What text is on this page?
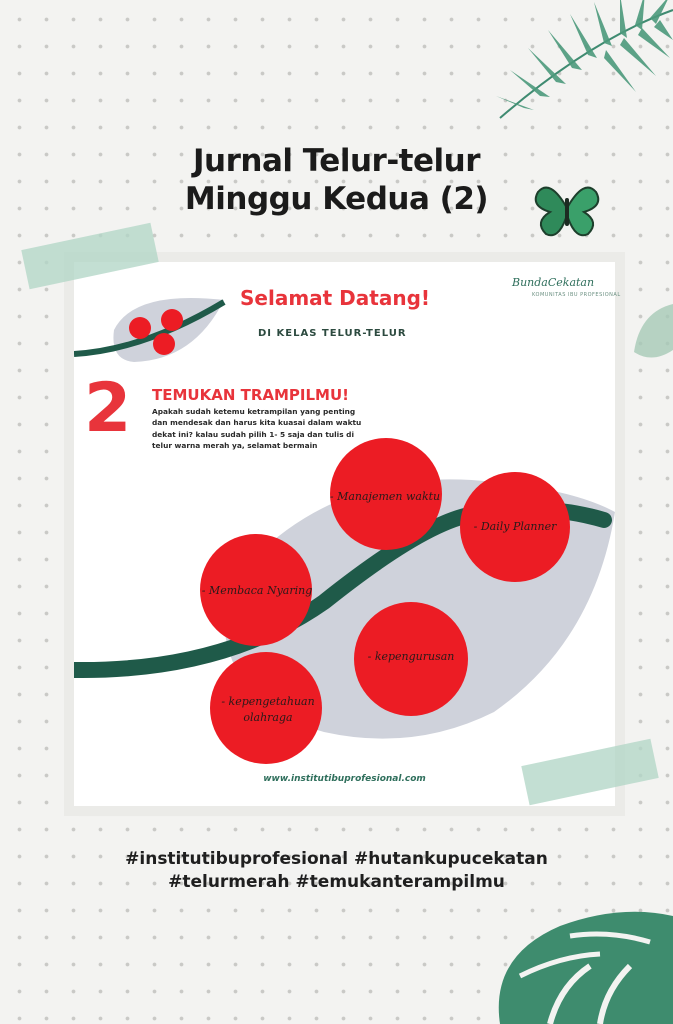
Jurnal Telur-telur
Minggu Kedua (2)
Selamat Datang!
DI KELAS TELUR-TELUR
BundaCekatan
KOMUNITAS IBU PROFESIONAL
2 TEMUKAN TRAMPILMU!
Apakah sudah ketemu ketrampilan yang penting dan mendesak dan harus kita kuasai dalam waktu dekat ini? kalau sudah pilih 1- 5 saja dan tulis di telur warna merah ya, selamat bermain
- Manajemen waktu
- Daily Planner
- Membaca Nyaring
- kepengurusan
- kepengetahuan olahraga
www.institutibuprofesional.com
#institutibuprofesional #hutankupucekatan
#telurmerah #temukanterampilmu
